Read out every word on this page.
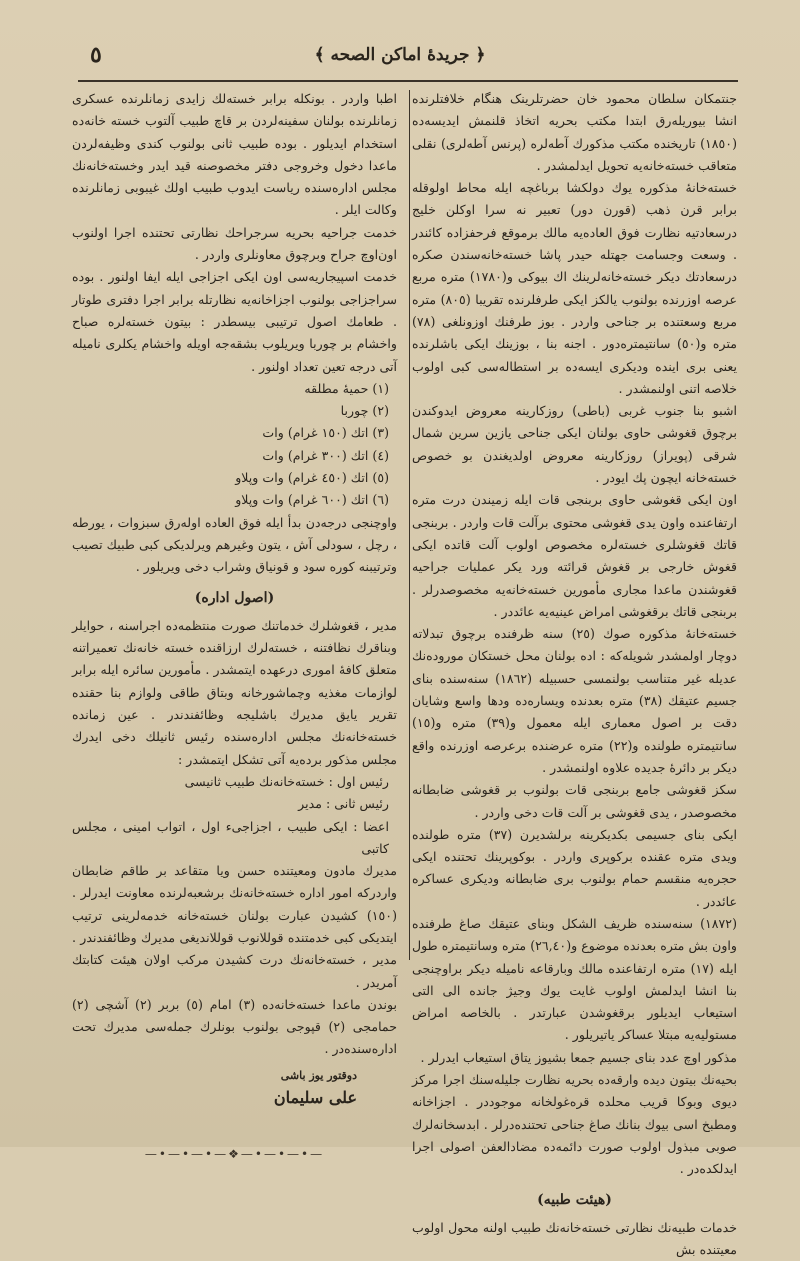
٥	﴿ جريدهٔ اماکن الصحه ﴾

جنتمکان سلطان محمود خان حضرتلرینک هنگام خلافتلرنده انشا بیوریلەرق ابتدا مکتب بحریه اتخاذ قلنمش ایدیسەده (١٨٥٠) تاریخنده مکتب مذکورك آطەلره (پرنس آطه‌لری) نقلی متعاقب خسته‌خانه‌یه تحویل ایدلمشدر .

خسته‌خانهٔ مذکوره یوك دولکشا برباغچه ایله محاط اولوقله برابر قرن ذهب (قورن دور) تعبیر نه سرا اوکلن خلیج درسعادتیه نظارت فوق العاده‌یه مالك برموقع فرحفزاده کائندر . وسعت وجسامت جهتله حیدر پاشا خسته‌خانه‌سندن صکره درسعادتك دیکر خسته‌خانه‌لرینك اك بیوکی و(١٧٨٠) متره مربع عرصه اوزرنده بولنوب یالکز ایکی طرفلرنده تقریبا (٨٠٥) متره مربع وسعتنده بر جناحی واردر . بوز طرفنك اوزونلغی (٧٨) متره و(٥٠) سانتیمتره‌دور . اجنه بنا ، بوزینك ایکی باشلرنده یعنی بری اینده ودیکری ایسه‌ده بر استطالەسی کبی اولوب خلاصه اتنی اولنمشدر .

اشبو بنا جنوب غربی (باطی) روزکارینه معروض ایدوکندن برچوق قغوشی حاوی بولنان ایکی جناحی یازین سرین شمال شرقی (پویراز) روزکارینه معروض اولدیغندن بو خصوص خسته‌خانه ایچون پك ایودر .

اون ایکی قغوشی حاوی بربنجی قات ایله زمیندن درت متره ارتفاعنده واون یدی قغوشی محتوی برآلت قات واردر . بربنجی قاتك قغوشلری خسته‌لره مخصوص اولوب آلت قاتده ایکی قغوش خارجی بر قغوش قرائته ورد یکر عملیات جراحیه قغوشندن ماعدا مجاری مأمورین خسته‌خانه‌یه مخصوصدرلر . بربنجی قاتك برقغوشی امراض عینیه‌یه عائددر .

خسته‌خانهٔ مذکوره صوك (٢٥) سنه ظرفنده برچوق تبدلاته دوچار اولمشدر شویله‌که : اده بولنان محل خستکان موروده‌نك عدیله غیر متناسب بولنمسی حسبیله (١٨٦٢) سنه‌سنده بنای جسیم عتیقك (٣٨) متره بعدنده ویساره‌ده ودها واسع وشایان دقت بر اصول معماری ایله معمول و(٣٩) متره و(١٥) سانتیمتره طولنده و(٢٢) متره عرضنده برعرصه اوزرنده واقع دیکر بر دائرهٔ جدیده علاوه اولنمشدر .

سکز قغوشی جامع بربنجی قات بولنوب بر قغوشی ضابطانه مخصوصدر ، یدی قغوشی بر آلت قات دخی واردر .

ایکی بنای جسیمی بکدیکرینه برلشدیرن (٣٧) متره طولنده ویدی متره عقنده برکوپری واردر . بوکوپرینك تحتنده ایکی حجره‌یه منقسم حمام بولنوب بری ضابطانه ودیکری عساکره عائددر .

(١٨٧٢) سنه‌سنده ظریف الشکل وبنای عتیقك صاغ طرفنده واون بش متره بعدنده موضوع و(٢٦,٤٠) متره وسانتیمتره طول ایله (١٧) متره ارتفاعنده مالك وبارقاعه ناميله دیکر براوچنجی بنا انشا ایدلمش اولوب غایت یوك وجیژ جانده الی التی استیعاب ایدیلور برقغوشدن عبارتدر . بالخاصه امراض مستولیه‌یه مبتلا عساکر یاتیریلور .

مذکور اوچ عدد بنای جسیم جمعا بشیوز یتاق استیعاب ایدرلر .

بحیه‌نك بیتون دیده وارقه‌ده بحریه نظارت جلیله‌سنك اجرا مرکز دیوی وبوکا قریب محلده قرەغولخانه موجوددر . اجزاخانه ومطبخ اسی بیوك بنانك صاغ جناحی تحتنده‌درلر . ابدسخانه‌لرك صوبی مبذول اولوب صورت دائمه‌ده مضادالعفن اصولی اجرا ایدلکده‌در .

(هیئت طبیه)

خدمات طبیه‌نك نظارتی خسته‌خانه‌نك طبیب اولنه محول اولوب معیتنده بش

اطبا واردر . بونکله برابر خسته‌لك زایدی زمانلرنده عسکری زمانلرنده بولنان سفینه‌لردن بر قاچ طبیب آلتوب خسته خانه‌ده استخدام ایدیلور . بوده طبیب ثانی بولنوب کندی وظیفه‌لردن ماعدا دخول وخروجی دفتر مخصوصنه قید ایدر وخسته‌خانه‌نك مجلس اداره‌سنده ریاست ایدوب طبیب اولك غیبوبی زمانلرنده وکالت ایلر .

خدمت جراحیه بحریه سرجراحك نظارتی تحتنده اجرا اولنوب اون‌اوچ جراح وبرچوق معاونلری واردر .

خدمت اسپیجاریه‌سی اون ایکی اجزاجی ایله ایفا اولنور . بوده سراجزاجی بولنوب اجزاخانه‌یه نظارتله برابر اجرا دفتری طوتار . طعامك اصول ترتیبی بیسطدر : بیتون خسته‌لره صباح واخشام بر چوربا ویریلوب بشقه‌جه اویله واخشام یکلری نامیله آتی درجه تعین تعداد اولنور .

(١) حمیهٔ مطلقه

(٢) چوربا

(٣) اتك (١٥٠ غرام) وات

(٤) اتك (٣٠٠ غرام) وات

(٥) اتك (٤٥٠ غرام) وات وپلاو

(٦) اتك (٦٠٠ غرام) وات وپلاو

واوچنجی درجه‌دن بدأ ایله فوق العاده اولەرق سبزوات ، یورطه ، رچل ، سودلی آش ، یتون وغیرهم ویرلدیکی کبی طبیك تصیب وترتیبنه کوره سود و قونیاق وشراب دخی ویریلور .

(اصول اداره)

مدیر ، قغوشلرك خدماتنك صورت منتظمه‌ده اجراسنه ، حوایلر وبناقرك نظافتنه ، خسته‌لرك ارزاقنده خسته خانه‌نك تعمیراتنه متعلق کافهٔ اموری درعهده ایتمشدر . مأمورین سائره ایله برابر لوازمات مغذیه وچماشورخانه وبتاق طاقی ولوازم بنا حقنده تقریر یایق مدیرك باشلیجه وظائفندندر . عین زمانده خسته‌خانه‌نك مجلس اداره‌سنده رئیس ثانیلك دخی ایدرك مجلس مذکور برده‌یه آتی تشکل ایتمشدر :

رئیس اول : خسته‌خانه‌نك طبیب ثانیسی

رئیس ثانی : مدیر

اعضا : ایکی طبیب ، اجزاجیء اول ، اتواب امینی ، مجلس کاتبی

مدیرك مادون ومعیتنده حسن ویا متقاعد بر طاقم ضابطان واردرکه امور اداره خسته‌خانه‌نك برشعبه‌لرنده معاونت ایدرلر . (١٥٠) کشیدن عبارت بولنان خسته‌خانه خدمه‌لرینی ترتیب ایتدیکی کبی خدمتنده قوللانوب قوللاندیغی مدیرك وظائفندندر . مدیر ، خسته‌خانه‌نك درت کشیدن مرکب اولان هیئت کتابتك آمریدر .

بوندن ماعدا خسته‌خانه‌ده (٣) امام (٥) بربر (٢) آشچی (٢) حمامجی (٢) قپوجی بولنوب بونلرك جمله‌سی مدیرك تحت اداره‌سنده‌در .

دوقتور یوز باشی
علی سلیمان
—•—•—•—❖—•—•—•—
